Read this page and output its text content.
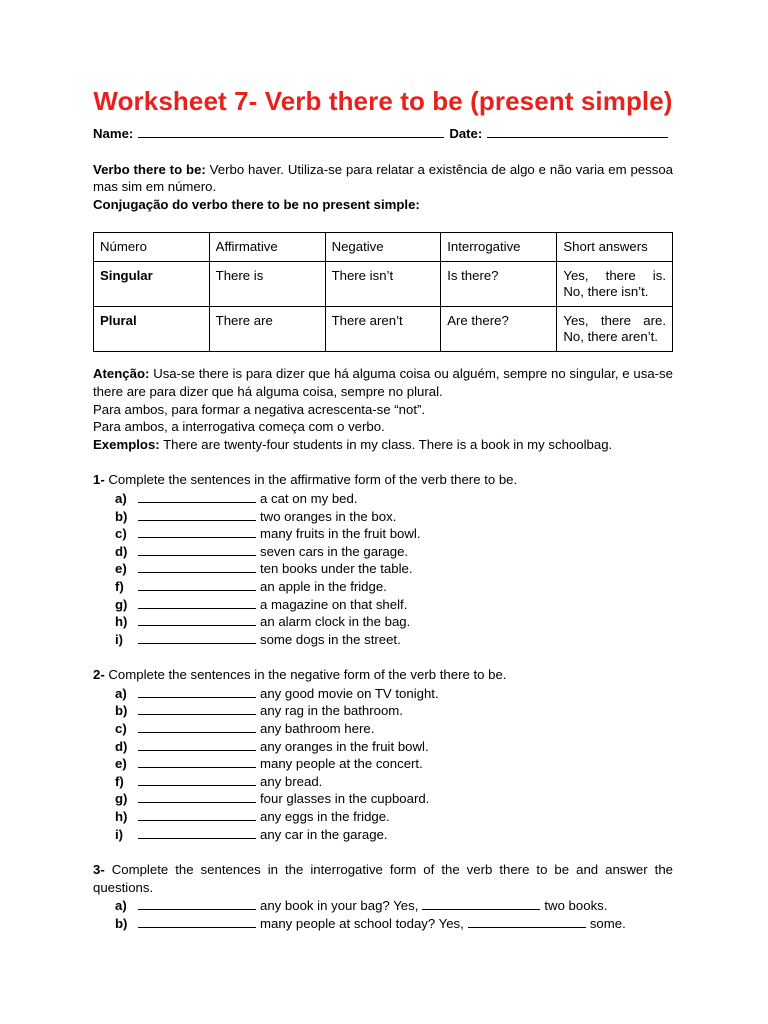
Worksheet 7- Verb there to be (present simple)
Name:	Date:
Verbo there to be: Verbo haver. Utiliza-se para relatar a existência de algo e não varia em pessoa mas sim em número.
Conjugação do verbo there to be no present simple:
Número	Affirmative	Negative	Interrogative	Short answers
Singular	There is	There isn’t	Is there?	Yes, there is.
No, there isn’t.

Plural	There are	There aren’t	Are there?	Yes, there are.
No, there aren’t.
Atenção: Usa-se there is para dizer que há alguma coisa ou alguém, sempre no singular, e usa-se there are para dizer que há alguma coisa, sempre no plural.
Para ambos, para formar a negativa acrescenta-se “not”.
Para ambos, a interrogativa começa com o verbo.
Exemplos: There are twenty-four students in my class. There is a book in my schoolbag.
1- Complete the sentences in the affirmative form of the verb there to be.
a)	a cat on my bed.
b)	two oranges in the box.
c)	many fruits in the fruit bowl.
d)	seven cars in the garage.
e)	ten books under the table.
f)	an apple in the fridge.
g)	a magazine on that shelf.
h)	an alarm clock in the bag.
i)	some dogs in the street.
2- Complete the sentences in the negative form of the verb there to be.
a)	any good movie on TV tonight.
b)	any rag in the bathroom.
c)	any bathroom here.
d)	any oranges in the fruit bowl.
e)	many people at the concert.
f)	any bread.
g)	four glasses in the cupboard.
h)	any eggs in the fridge.
i)	any car in the garage.
3- Complete the sentences in the interrogative form of the verb there to be and answer the questions.
a)	any book in your bag? Yes,	two books.
b)	many people at school today? Yes,	some.
